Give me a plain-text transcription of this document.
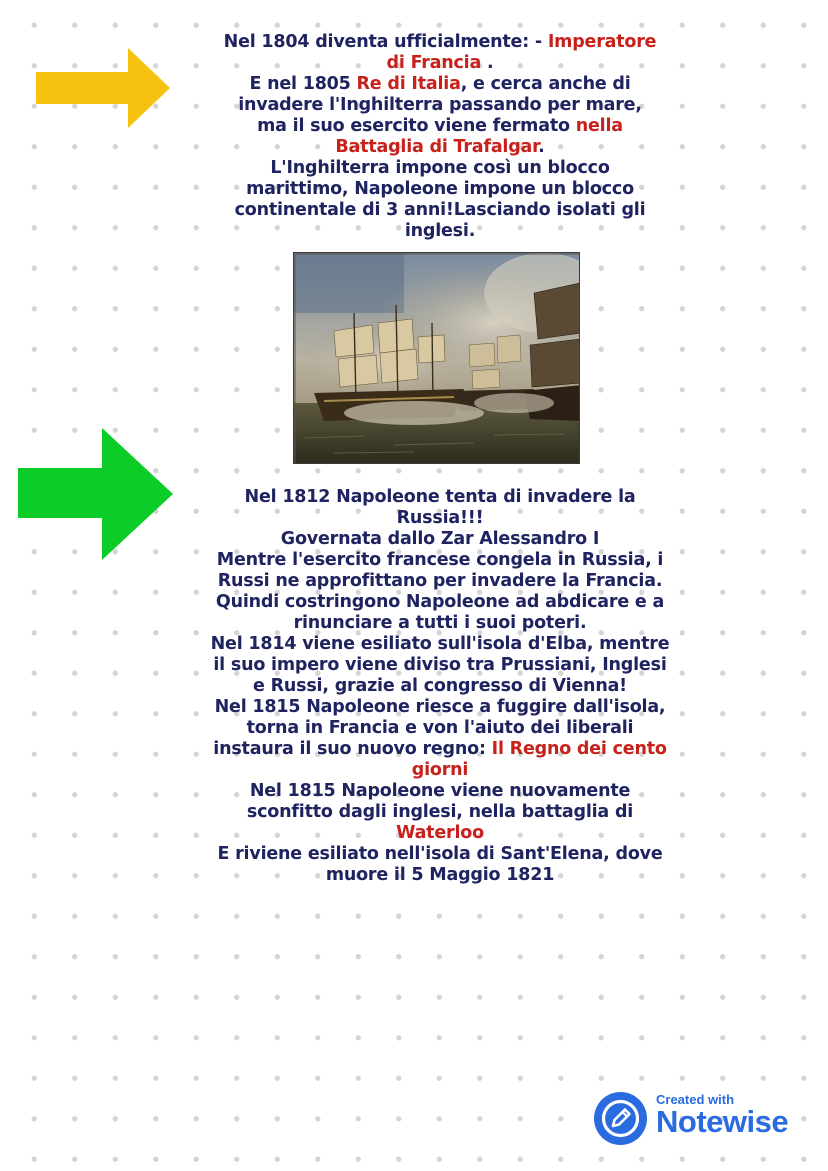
Nel 1804 diventa ufficialmente: - Imperatore
di Francia .
E nel 1805 Re di Italia, e cerca anche di
invadere l'Inghilterra passando per mare,
ma il suo esercito viene fermato nella
Battaglia di Trafalgar.
L'Inghilterra impone così un blocco
marittimo, Napoleone impone un blocco
continentale di 3 anni!Lasciando isolati gli
inglesi.
Nel 1812 Napoleone tenta di invadere la
Russia!!!
Governata dallo Zar Alessandro I
Mentre l'esercito francese congela in Russia, i
Russi ne approfittano per invadere la Francia.
Quindi costringono Napoleone ad abdicare e a
rinunciare a tutti i suoi poteri.
Nel 1814 viene esiliato sull'isola d'Elba, mentre
il suo impero viene diviso tra Prussiani, Inglesi
e Russi, grazie al congresso di Vienna!
Nel 1815 Napoleone riesce a fuggire dall'isola,
torna in Francia e von l'aiuto dei liberali
instaura il suo nuovo regno: Il Regno dei cento
giorni
Nel 1815 Napoleone viene nuovamente
sconfitto dagli inglesi, nella battaglia di
Waterloo
E riviene esiliato nell'isola di Sant'Elena, dove
muore il 5 Maggio 1821
Created with
Notewise
